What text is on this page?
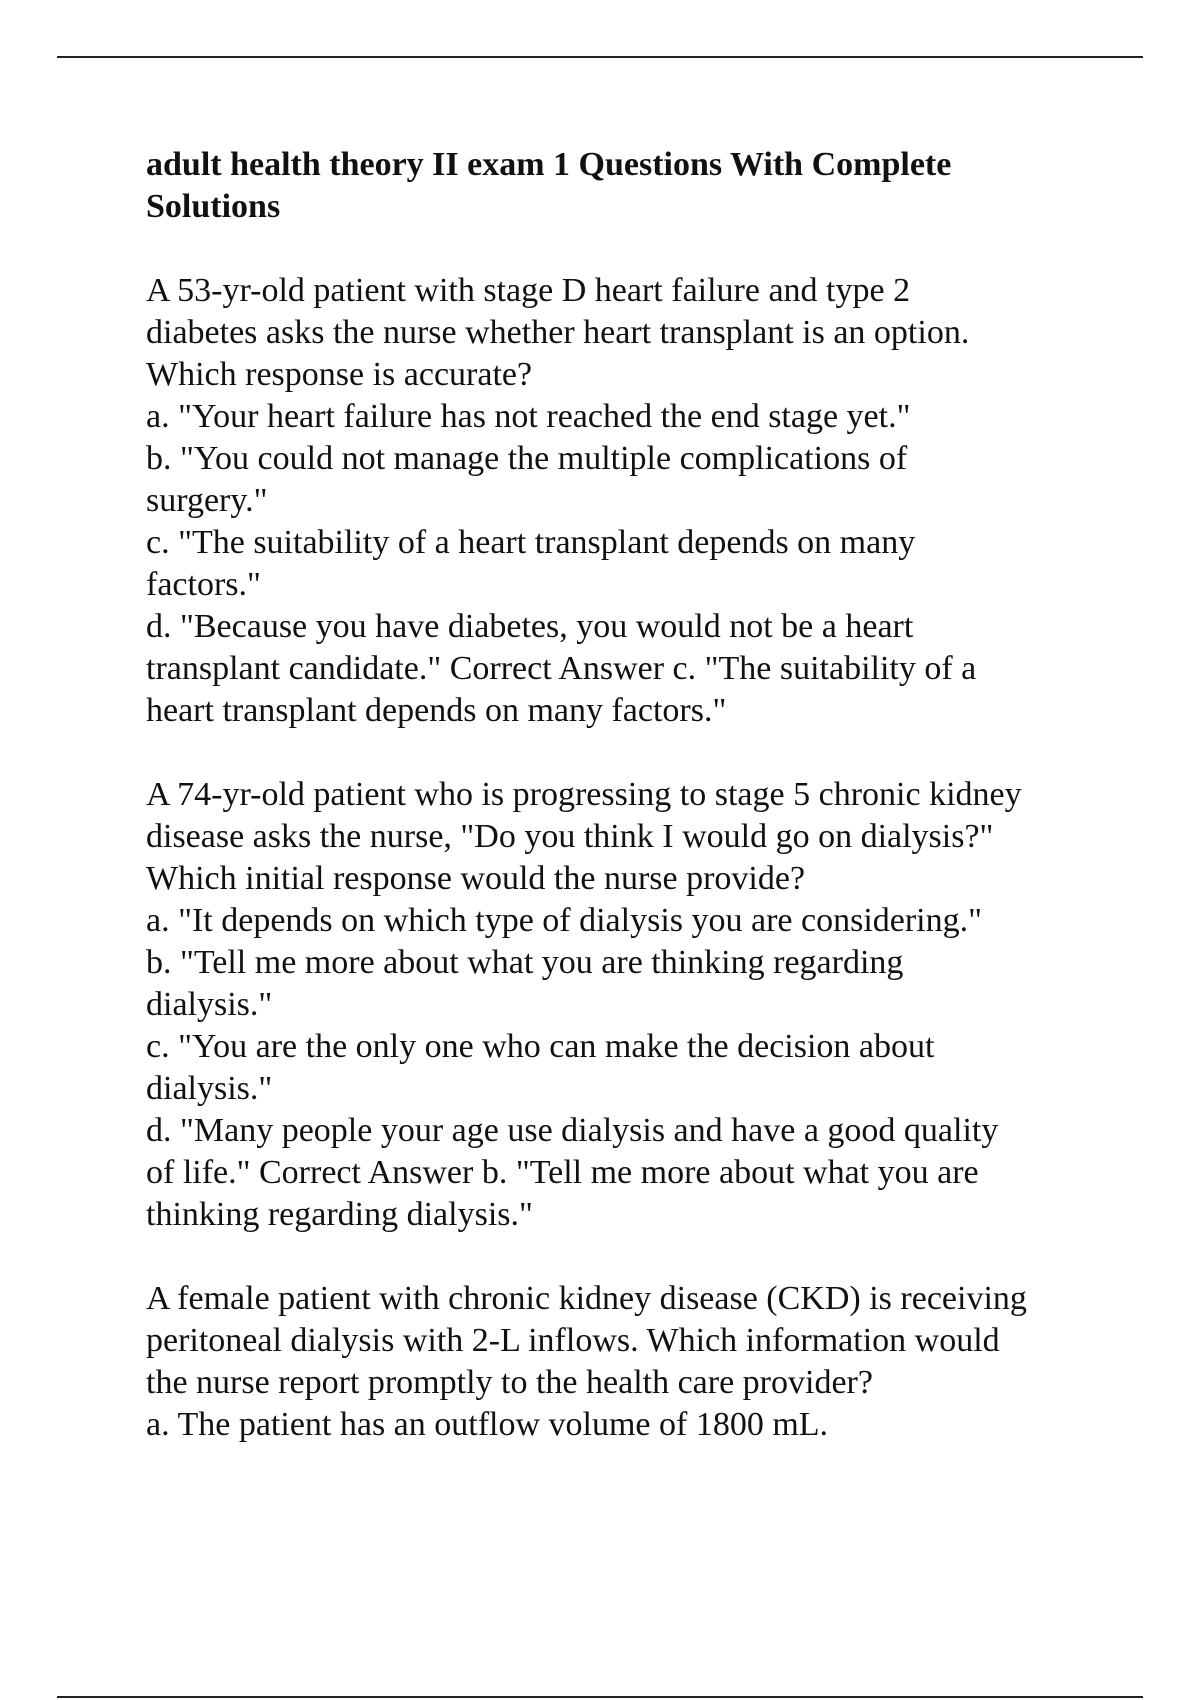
adult health theory II exam 1 Questions With Complete Solutions
A 53-yr-old patient with stage D heart failure and type 2
diabetes asks the nurse whether heart transplant is an option.
Which response is accurate?
a. "Your heart failure has not reached the end stage yet."
b. "You could not manage the multiple complications of
surgery."
c. "The suitability of a heart transplant depends on many
factors."
d. "Because you have diabetes, you would not be a heart
transplant candidate." Correct Answer c. "The suitability of a
heart transplant depends on many factors."
A 74-yr-old patient who is progressing to stage 5 chronic kidney
disease asks the nurse, "Do you think I would go on dialysis?"
Which initial response would the nurse provide?
a. "It depends on which type of dialysis you are considering."
b. "Tell me more about what you are thinking regarding
dialysis."
c. "You are the only one who can make the decision about
dialysis."
d. "Many people your age use dialysis and have a good quality
of life." Correct Answer b. "Tell me more about what you are
thinking regarding dialysis."
A female patient with chronic kidney disease (CKD) is receiving
peritoneal dialysis with 2-L inflows. Which information would
the nurse report promptly to the health care provider?
a. The patient has an outflow volume of 1800 mL.
